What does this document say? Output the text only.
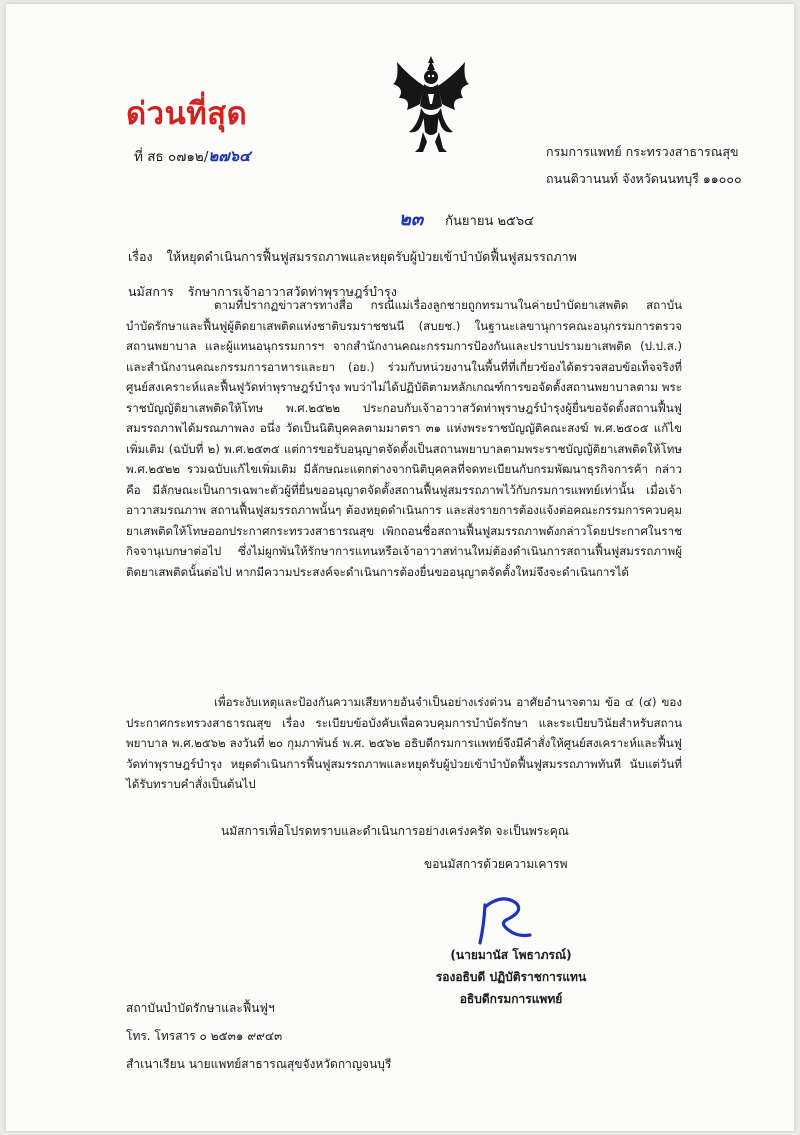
ด่วนที่สุด
ที่ สธ ๐๗๑๒/๒๗๖๔	กรมการแพทย์ กระทรวงสาธารณสุข
ถนนติวานนท์ จังหวัดนนทบุรี ๑๑๐๐๐
๒๓ กันยายน ๒๕๖๔
เรื่อง ให้หยุดดำเนินการฟื้นฟูสมรรถภาพและหยุดรับผู้ป่วยเข้าบำบัดฟื้นฟูสมรรถภาพ
นมัสการ รักษาการเจ้าอาวาสวัดท่าพุราษฎร์บำรุง
ตามที่ปรากฏข่าวสารทางสื่อ กรณีแม่เรื่องลูกชายถูกทรมานในค่ายบำบัดยาเสพติด สถาบันบำบัดรักษาและฟื้นฟูผู้ติดยาเสพติดแห่งชาติบรมราชชนนี (สบยช.) ในฐานะเลขานุการคณะอนุกรรมการตรวจสถานพยาบาล และผู้แทนอนุกรรมการฯ จากสำนักงานคณะกรรมการป้องกันและปราบปรามยาเสพติด (ป.ป.ส.) และสำนักงานคณะกรรมการอาหารและยา (อย.) ร่วมกับหน่วยงานในพื้นที่ที่เกี่ยวข้องได้ตรวจสอบข้อเท็จจริงที่ ศูนย์สงเคราะห์และฟื้นฟูวัดท่าพุราษฎร์บำรุง พบว่าไม่ได้ปฏิบัติตามหลักเกณฑ์การขอจัดตั้งสถานพยาบาลตาม พระราชบัญญัติยาเสพติดให้โทษ พ.ศ.๒๕๒๒ ประกอบกับเจ้าอาวาสวัดท่าพุราษฎร์บำรุงผู้ยื่นขอจัดตั้งสถานฟื้นฟูสมรรถภาพได้มรณภาพลง อนึ่ง วัดเป็นนิติบุคคลตามมาตรา ๓๑ แห่งพระราชบัญญัติคณะสงฆ์ พ.ศ.๒๕๐๕ แก้ไขเพิ่มเติม (ฉบับที่ ๒) พ.ศ.๒๕๓๕ แต่การขอรับอนุญาตจัดตั้งเป็นสถานพยาบาลตามพระราชบัญญัติยาเสพติดให้โทษ พ.ศ.๒๕๒๒ รวมฉบับแก้ไขเพิ่มเติม มีลักษณะแตกต่างจากนิติบุคคลที่จดทะเบียนกับกรมพัฒนาธุรกิจการค้า กล่าวคือ มีลักษณะเป็นการเฉพาะตัวผู้ที่ยื่นขออนุญาตจัดตั้งสถานฟื้นฟูสมรรถภาพไว้กับกรมการแพทย์เท่านั้น เมื่อเจ้าอาวาสมรณภาพ สถานฟื้นฟูสมรรถภาพนั้นๆ ต้องหยุดดำเนินการ และส่งรายการต้องแจ้งต่อคณะกรรมการควบคุมยาเสพติดให้โทษออกประกาศกระทรวงสาธารณสุข เพิกถอนชื่อสถานฟื้นฟูสมรรถภาพดังกล่าวโดยประกาศในราชกิจจานุเบกษาต่อไป ซึ่งไม่ผูกพันให้รักษาการแทนหรือเจ้าอาวาสท่านใหม่ต้องดำเนินการสถานฟื้นฟูสมรรถภาพผู้ติดยาเสพติดนั้นต่อไป หากมีความประสงค์จะดำเนินการต้องยื่นขออนุญาตจัดตั้งใหม่จึงจะดำเนินการได้
เพื่อระงับเหตุและป้องกันความเสียหายอันจำเป็นอย่างเร่งด่วน อาศัยอำนาจตาม ข้อ ๔ (๔) ของประกาศกระทรวงสาธารณสุข เรื่อง ระเบียบข้อบังคับเพื่อควบคุมการบำบัดรักษา และระเบียบวินัยสำหรับสถานพยาบาล พ.ศ.๒๕๖๒ ลงวันที่ ๒๐ กุมภาพันธ์ พ.ศ. ๒๕๖๒ อธิบดีกรมการแพทย์จึงมีคำสั่งให้ศูนย์สงเคราะห์และฟื้นฟูวัดท่าพุราษฎร์บำรุง หยุดดำเนินการฟื้นฟูสมรรถภาพและหยุดรับผู้ป่วยเข้าบำบัดฟื้นฟูสมรรถภาพทันที นับแต่วันที่ได้รับทราบคำสั่งเป็นต้นไป
นมัสการเพื่อโปรดทราบและดำเนินการอย่างเคร่งครัด จะเป็นพระคุณ
ขอนมัสการด้วยความเคารพ
(นายมานัส โพธาภรณ์)
รองอธิบดี ปฏิบัติราชการแทน
อธิบดีกรมการแพทย์
สถาบันบำบัดรักษาและฟื้นฟูฯ
โทร. โทรสาร ๐ ๒๕๓๑ ๙๙๔๓
สำเนาเรียน นายแพทย์สาธารณสุขจังหวัดกาญจนบุรี
